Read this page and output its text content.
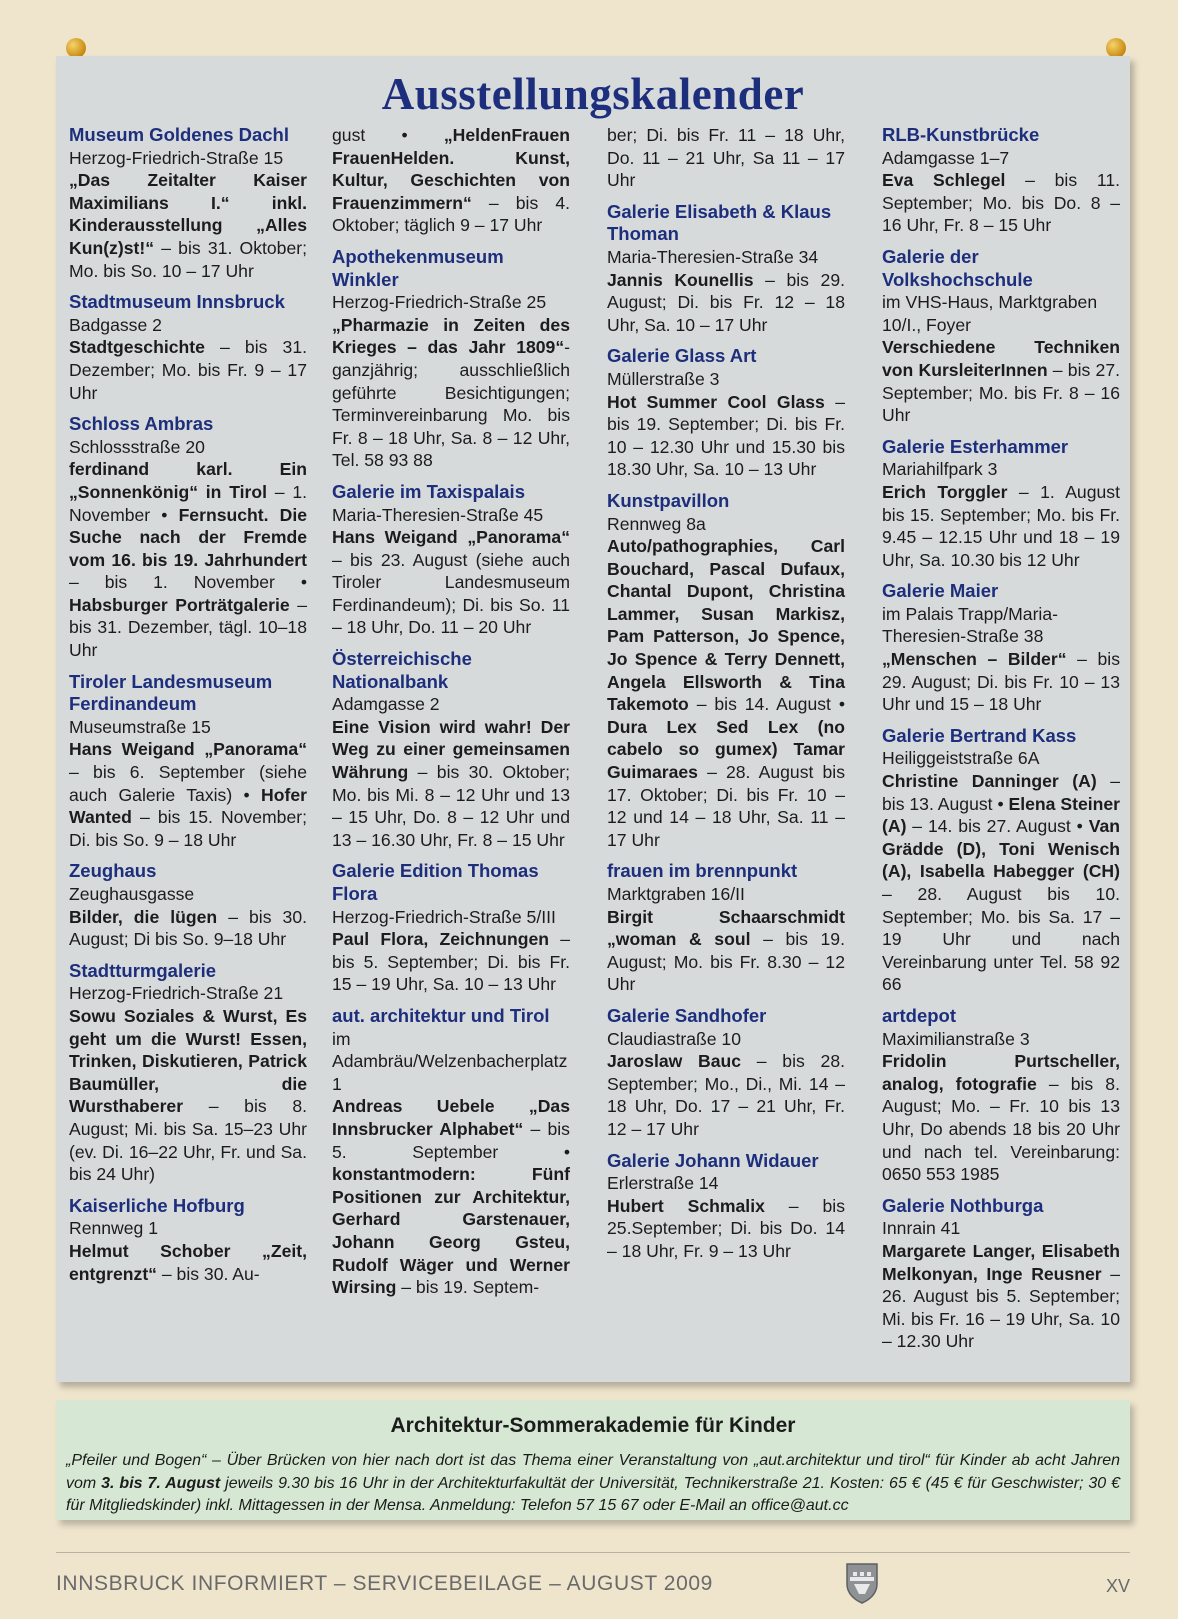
Ausstellungskalender
Museum Goldenes Dachl
Herzog-Friedrich-Straße 15
„Das Zeitalter Kaiser Maximilians I.“ inkl. Kinderausstellung „Alles Kun(z)st!“ – bis 31. Oktober; Mo. bis So. 10 – 17 Uhr
Stadtmuseum Innsbruck
Badgasse 2
Stadtgeschichte – bis 31. Dezember; Mo. bis Fr. 9 – 17 Uhr
Schloss Ambras
Schlossstraße 20
ferdinand karl. Ein „Sonnenkönig“ in Tirol – 1. November • Fernsucht. Die Suche nach der Fremde vom 16. bis 19. Jahrhundert – bis 1. November • Habsburger Porträtgalerie – bis 31. Dezember, tägl. 10–18 Uhr
Tiroler Landesmuseum Ferdinandeum
Museumstraße 15
Hans Weigand „Panorama“ – bis 6. September (siehe auch Galerie Taxis) • Hofer Wanted – bis 15. November; Di. bis So. 9 – 18 Uhr
Zeughaus
Zeughausgasse
Bilder, die lügen – bis 30. August; Di bis So. 9–18 Uhr
Stadtturmgalerie
Herzog-Friedrich-Straße 21
Sowu Soziales & Wurst, Es geht um die Wurst! Essen, Trinken, Diskutieren, Patrick Baumüller, die Wursthaberer – bis 8. August; Mi. bis Sa. 15–23 Uhr (ev. Di. 16–22 Uhr, Fr. und Sa. bis 24 Uhr)
Kaiserliche Hofburg
Rennweg 1
Helmut Schober „Zeit, entgrenzt“ – bis 30. Au-
gust • „HeldenFrauen FrauenHelden. Kunst, Kultur, Geschichten von Frauenzimmern“ – bis 4. Oktober; täglich 9 – 17 Uhr
Apothekenmuseum Winkler
Herzog-Friedrich-Straße 25
„Pharmazie in Zeiten des Krieges – das Jahr 1809“- ganzjährig; ausschließlich geführte Besichtigungen; Terminvereinbarung Mo. bis Fr. 8 – 18 Uhr, Sa. 8 – 12 Uhr, Tel. 58 93 88
Galerie im Taxispalais
Maria-Theresien-Straße 45
Hans Weigand „Panorama“ – bis 23. August (siehe auch Tiroler Landesmuseum Ferdinandeum); Di. bis So. 11 – 18 Uhr, Do. 11 – 20 Uhr
Österreichische Nationalbank
Adamgasse 2
Eine Vision wird wahr! Der Weg zu einer gemeinsamen Währung – bis 30. Oktober; Mo. bis Mi. 8 – 12 Uhr und 13 – 15 Uhr, Do. 8 – 12 Uhr und 13 – 16.30 Uhr, Fr. 8 – 15 Uhr
Galerie Edition Thomas Flora
Herzog-Friedrich-Straße 5/III
Paul Flora, Zeichnungen – bis 5. September; Di. bis Fr. 15 – 19 Uhr, Sa. 10 – 13 Uhr
aut. architektur und Tirol
im Adambräu/Welzenbacherplatz 1
Andreas Uebele „Das Innsbrucker Alphabet“ – bis 5. September • konstantmodern: Fünf Positionen zur Architektur, Gerhard Garstenauer, Johann Georg Gsteu, Rudolf Wäger und Werner Wirsing – bis 19. Septem-
ber; Di. bis Fr. 11 – 18 Uhr, Do. 11 – 21 Uhr, Sa 11 – 17 Uhr
Galerie Elisabeth & Klaus Thoman
Maria-Theresien-Straße 34
Jannis Kounellis – bis 29. August; Di. bis Fr. 12 – 18 Uhr, Sa. 10 – 17 Uhr
Galerie Glass Art
Müllerstraße 3
Hot Summer Cool Glass – bis 19. September; Di. bis Fr. 10 – 12.30 Uhr und 15.30 bis 18.30 Uhr, Sa. 10 – 13 Uhr
Kunstpavillon
Rennweg 8a
Auto/pathographies, Carl Bouchard, Pascal Dufaux, Chantal Dupont, Christina Lammer, Susan Markisz, Pam Patterson, Jo Spence, Jo Spence & Terry Dennett, Angela Ellsworth & Tina Takemoto – bis 14. August • Dura Lex Sed Lex (no cabelo so gumex) Tamar Guimaraes – 28. August bis 17. Oktober; Di. bis Fr. 10 – 12 und 14 – 18 Uhr, Sa. 11 – 17 Uhr
frauen im brennpunkt
Marktgraben 16/II
Birgit Schaarschmidt „woman & soul – bis 19. August; Mo. bis Fr. 8.30 – 12 Uhr
Galerie Sandhofer
Claudiastraße 10
Jaroslaw Bauc – bis 28. September; Mo., Di., Mi. 14 – 18 Uhr, Do. 17 – 21 Uhr, Fr. 12 – 17 Uhr
Galerie Johann Widauer
Erlerstraße 14
Hubert Schmalix – bis 25.September; Di. bis Do. 14 – 18 Uhr, Fr. 9 – 13 Uhr
RLB-Kunstbrücke
Adamgasse 1–7
Eva Schlegel – bis 11. September; Mo. bis Do. 8 – 16 Uhr, Fr. 8 – 15 Uhr
Galerie der Volkshochschule
im VHS-Haus, Marktgraben 10/I., Foyer
Verschiedene Techniken von KursleiterInnen – bis 27. September; Mo. bis Fr. 8 – 16 Uhr
Galerie Esterhammer
Mariahilfpark 3
Erich Torggler – 1. August bis 15. September; Mo. bis Fr. 9.45 – 12.15 Uhr und 18 – 19 Uhr, Sa. 10.30 bis 12 Uhr
Galerie Maier
im Palais Trapp/Maria-Theresien-Straße 38
„Menschen – Bilder“ – bis 29. August; Di. bis Fr. 10 – 13 Uhr und 15 – 18 Uhr
Galerie Bertrand Kass
Heiliggeiststraße 6A
Christine Danninger (A) – bis 13. August • Elena Steiner (A) – 14. bis 27. August • Van Grädde (D), Toni Wenisch (A), Isabella Habegger (CH) – 28. August bis 10. September; Mo. bis Sa. 17 – 19 Uhr und nach Vereinbarung unter Tel. 58 92 66
artdepot
Maximilianstraße 3
Fridolin Purtscheller, analog, fotografie – bis 8. August; Mo. – Fr. 10 bis 13 Uhr, Do abends 18 bis 20 Uhr und nach tel. Vereinbarung: 0650 553 1985
Galerie Nothburga
Innrain 41
Margarete Langer, Elisabeth Melkonyan, Inge Reusner – 26. August bis 5. September; Mi. bis Fr. 16 – 19 Uhr, Sa. 10 – 12.30 Uhr
Architektur-Sommerakademie für Kinder
„Pfeiler und Bogen“ – Über Brücken von hier nach dort ist das Thema einer Veranstaltung von „aut.architektur und tirol“ für Kinder ab acht Jahren vom 3. bis 7. August jeweils 9.30 bis 16 Uhr in der Architekturfakultät der Universität, Technikerstraße 21. Kosten: 65 € (45 € für Geschwister; 30 € für Mitgliedskinder) inkl. Mittagessen in der Mensa. Anmeldung: Telefon 57 15 67 oder E-Mail an office@aut.cc
INNSBRUCK INFORMIERT – SERVICEBEILAGE – AUGUST 2009	XV
